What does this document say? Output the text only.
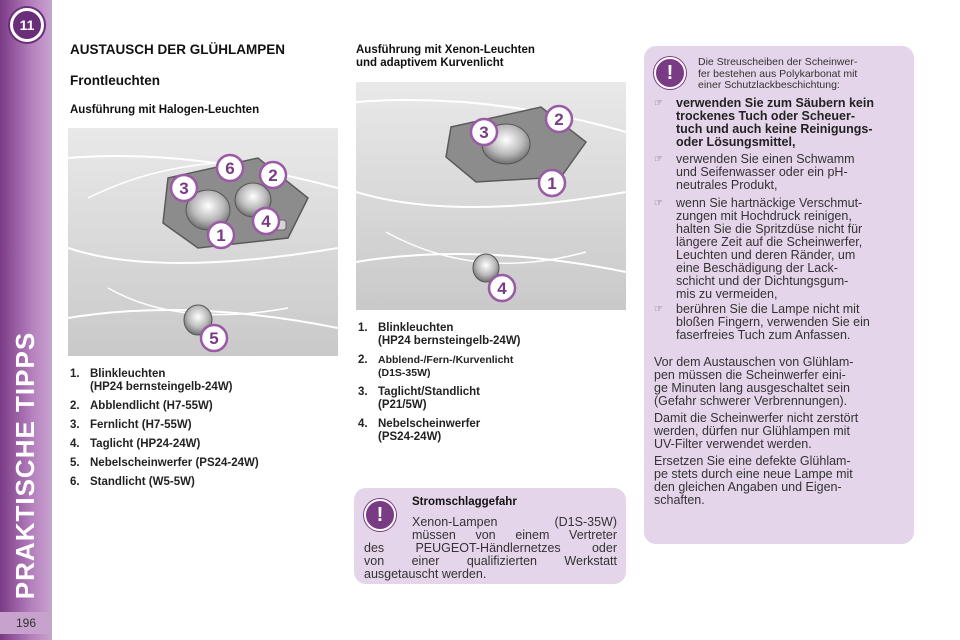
11
PRAKTISCHE TIPPS
196
AUSTAUSCH DER GLÜHLAMPEN
Frontleuchten
Ausführung mit Halogen-Leuchten
6 2
3
4
1
5
1. Blinkleuchten
(HP24 bernsteingelb-24W)
2. Abblendlicht (H7-55W)
3. Fernlicht (H7-55W)
4. Taglicht (HP24-24W)
5. Nebelscheinwerfer (PS24-24W)
6. Standlicht (W5-5W)
Ausführung mit Xenon-Leuchten
und adaptivem Kurvenlicht
3
2
1
4
1. Blinkleuchten
(HP24 bernsteingelb-24W)
2. Abblend-/Fern-/Kurvenlicht
(D1S-35W)
3. Taglicht/Standlicht
(P21/5W)
4. Nebelscheinwerfer
(PS24-24W)
!
Stromschlaggefahr
Xenon-Lampen (D1S-35W)
müssen von einem Vertreter
des PEUGEOT-Händlernetzes oder
von einer qualifizierten Werkstatt
ausgetauscht werden.
!	Die Streuscheiben der Scheinwer-
fer bestehen aus Polykarbonat mit
einer Schutzlackbeschichtung:
☞ verwenden Sie zum Säubern kein
trockenes Tuch oder Scheuer-
tuch und auch keine Reinigungs-
oder Lösungsmittel,
☞ verwenden Sie einen Schwamm
und Seifenwasser oder ein pH-
neutrales Produkt,
☞ wenn Sie hartnäckige Verschmut-
zungen mit Hochdruck reinigen,
halten Sie die Spritzdüse nicht für
längere Zeit auf die Scheinwerfer,
Leuchten und deren Ränder, um
eine Beschädigung der Lack-
schicht und der Dichtungsgum-
mis zu vermeiden,
☞ berühren Sie die Lampe nicht mit
bloßen Fingern, verwenden Sie ein
faserfreies Tuch zum Anfassen.
Vor dem Austauschen von Glühlam-
pen müssen die Scheinwerfer eini-
ge Minuten lang ausgeschaltet sein
(Gefahr schwerer Verbrennungen).
Damit die Scheinwerfer nicht zerstört
werden, dürfen nur Glühlampen mit
UV-Filter verwendet werden.
Ersetzen Sie eine defekte Glühlam-
pe stets durch eine neue Lampe mit
den gleichen Angaben und Eigen-
schaften.
